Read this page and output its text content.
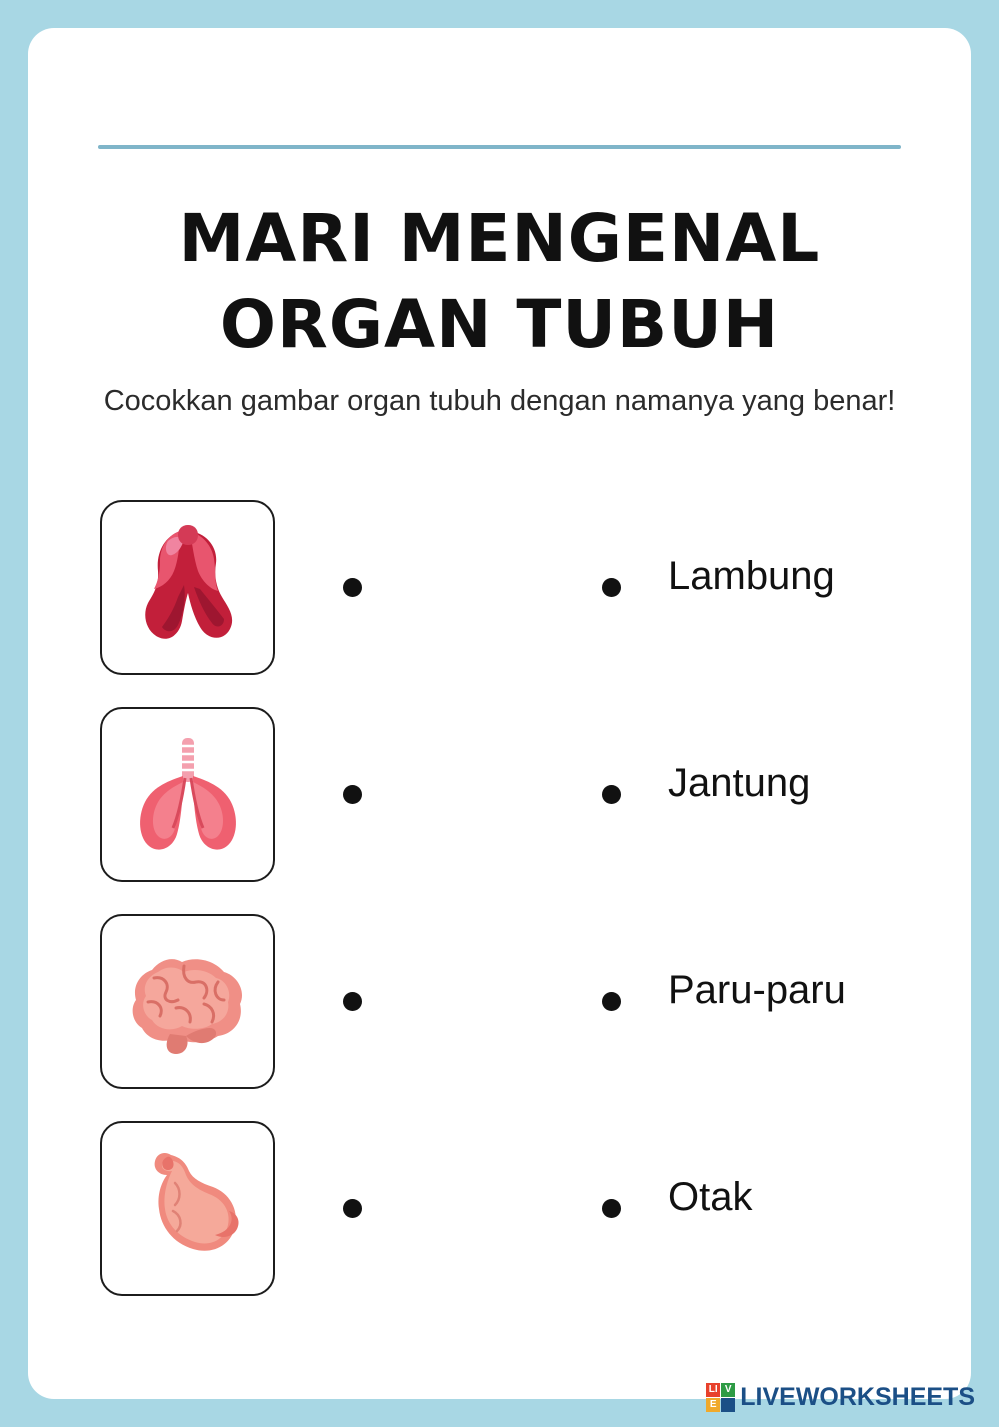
MARI MENGENAL
ORGAN TUBUH
Cocokkan gambar organ tubuh dengan namanya yang benar!
Lambung
Jantung
Paru-paru
Otak
LI V
E LIVEWORKSHEETS
